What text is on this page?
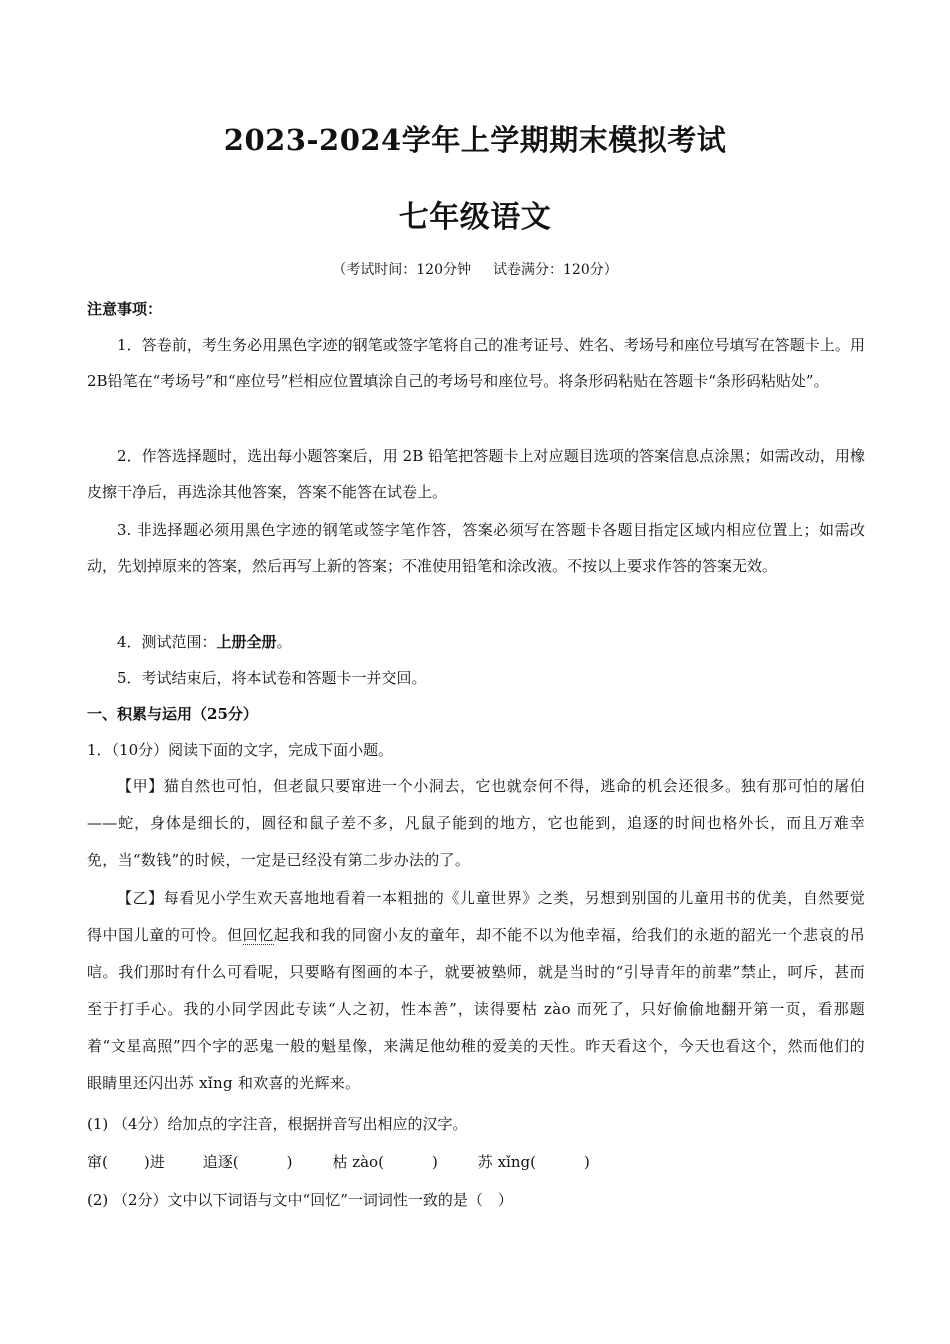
2023-2024学年上学期期末模拟考试
七年级语文
（考试时间：120分钟 试卷满分：120分）
注意事项：
1．答卷前，考生务必用黑色字迹的钢笔或签字笔将自己的准考证号、姓名、考场号和座位号填写在答题卡上。用2B铅笔在“考场号”和“座位号”栏相应位置填涂自己的考场号和座位号。将条形码粘贴在答题卡“条形码粘贴处”。
2．作答选择题时，选出每小题答案后，用 2B 铅笔把答题卡上对应题目选项的答案信息点涂黑；如需改动，用橡皮擦干净后，再选涂其他答案，答案不能答在试卷上。
3. 非选择题必须用黑色字迹的钢笔或签字笔作答，答案必须写在答题卡各题目指定区域内相应位置上；如需改动，先划掉原来的答案，然后再写上新的答案；不准使用铅笔和涂改液。不按以上要求作答的答案无效。
4．测试范围：上册全册。
5．考试结束后，将本试卷和答题卡一并交回。
一、积累与运用（25分）
1．（10分）阅读下面的文字，完成下面小题。
【甲】猫自然也可怕，但老鼠只要窜进一个小洞去，它也就奈何不得，逃命的机会还很多。独有那可怕的屠伯——蛇，身体是细长的，圆径和鼠子差不多，凡鼠子能到的地方，它也能到，追逐的时间也格外长，而且万难幸免，当“数钱”的时候，一定是已经没有第二步办法的了。
【乙】每看见小学生欢天喜地地看着一本粗拙的《儿童世界》之类，另想到别国的儿童用书的优美，自然要觉得中国儿童的可怜。但回忆起我和我的同窗小友的童年，却不能不以为他幸福，给我们的永逝的韶光一个悲哀的吊唁。我们那时有什么可看呢，只要略有图画的本子，就要被塾师，就是当时的“引导青年的前辈”禁止，呵斥，甚而至于打手心。我的小同学因此专读“人之初，性本善”，读得要枯 zào 而死了，只好偷偷地翻开第一页，看那题着“文星高照”四个字的恶鬼一般的魁星像，来满足他幼稚的爱美的天性。昨天看这个，今天也看这个，然而他们的眼睛里还闪出苏 xǐng 和欢喜的光辉来。
(1) （4分）给加点的字注音，根据拼音写出相应的汉字。
窜( )进	追逐(	)	枯 zào(	)	苏 xǐng(	)
(2) （2分）文中以下词语与文中“回忆”一词词性一致的是（　）
